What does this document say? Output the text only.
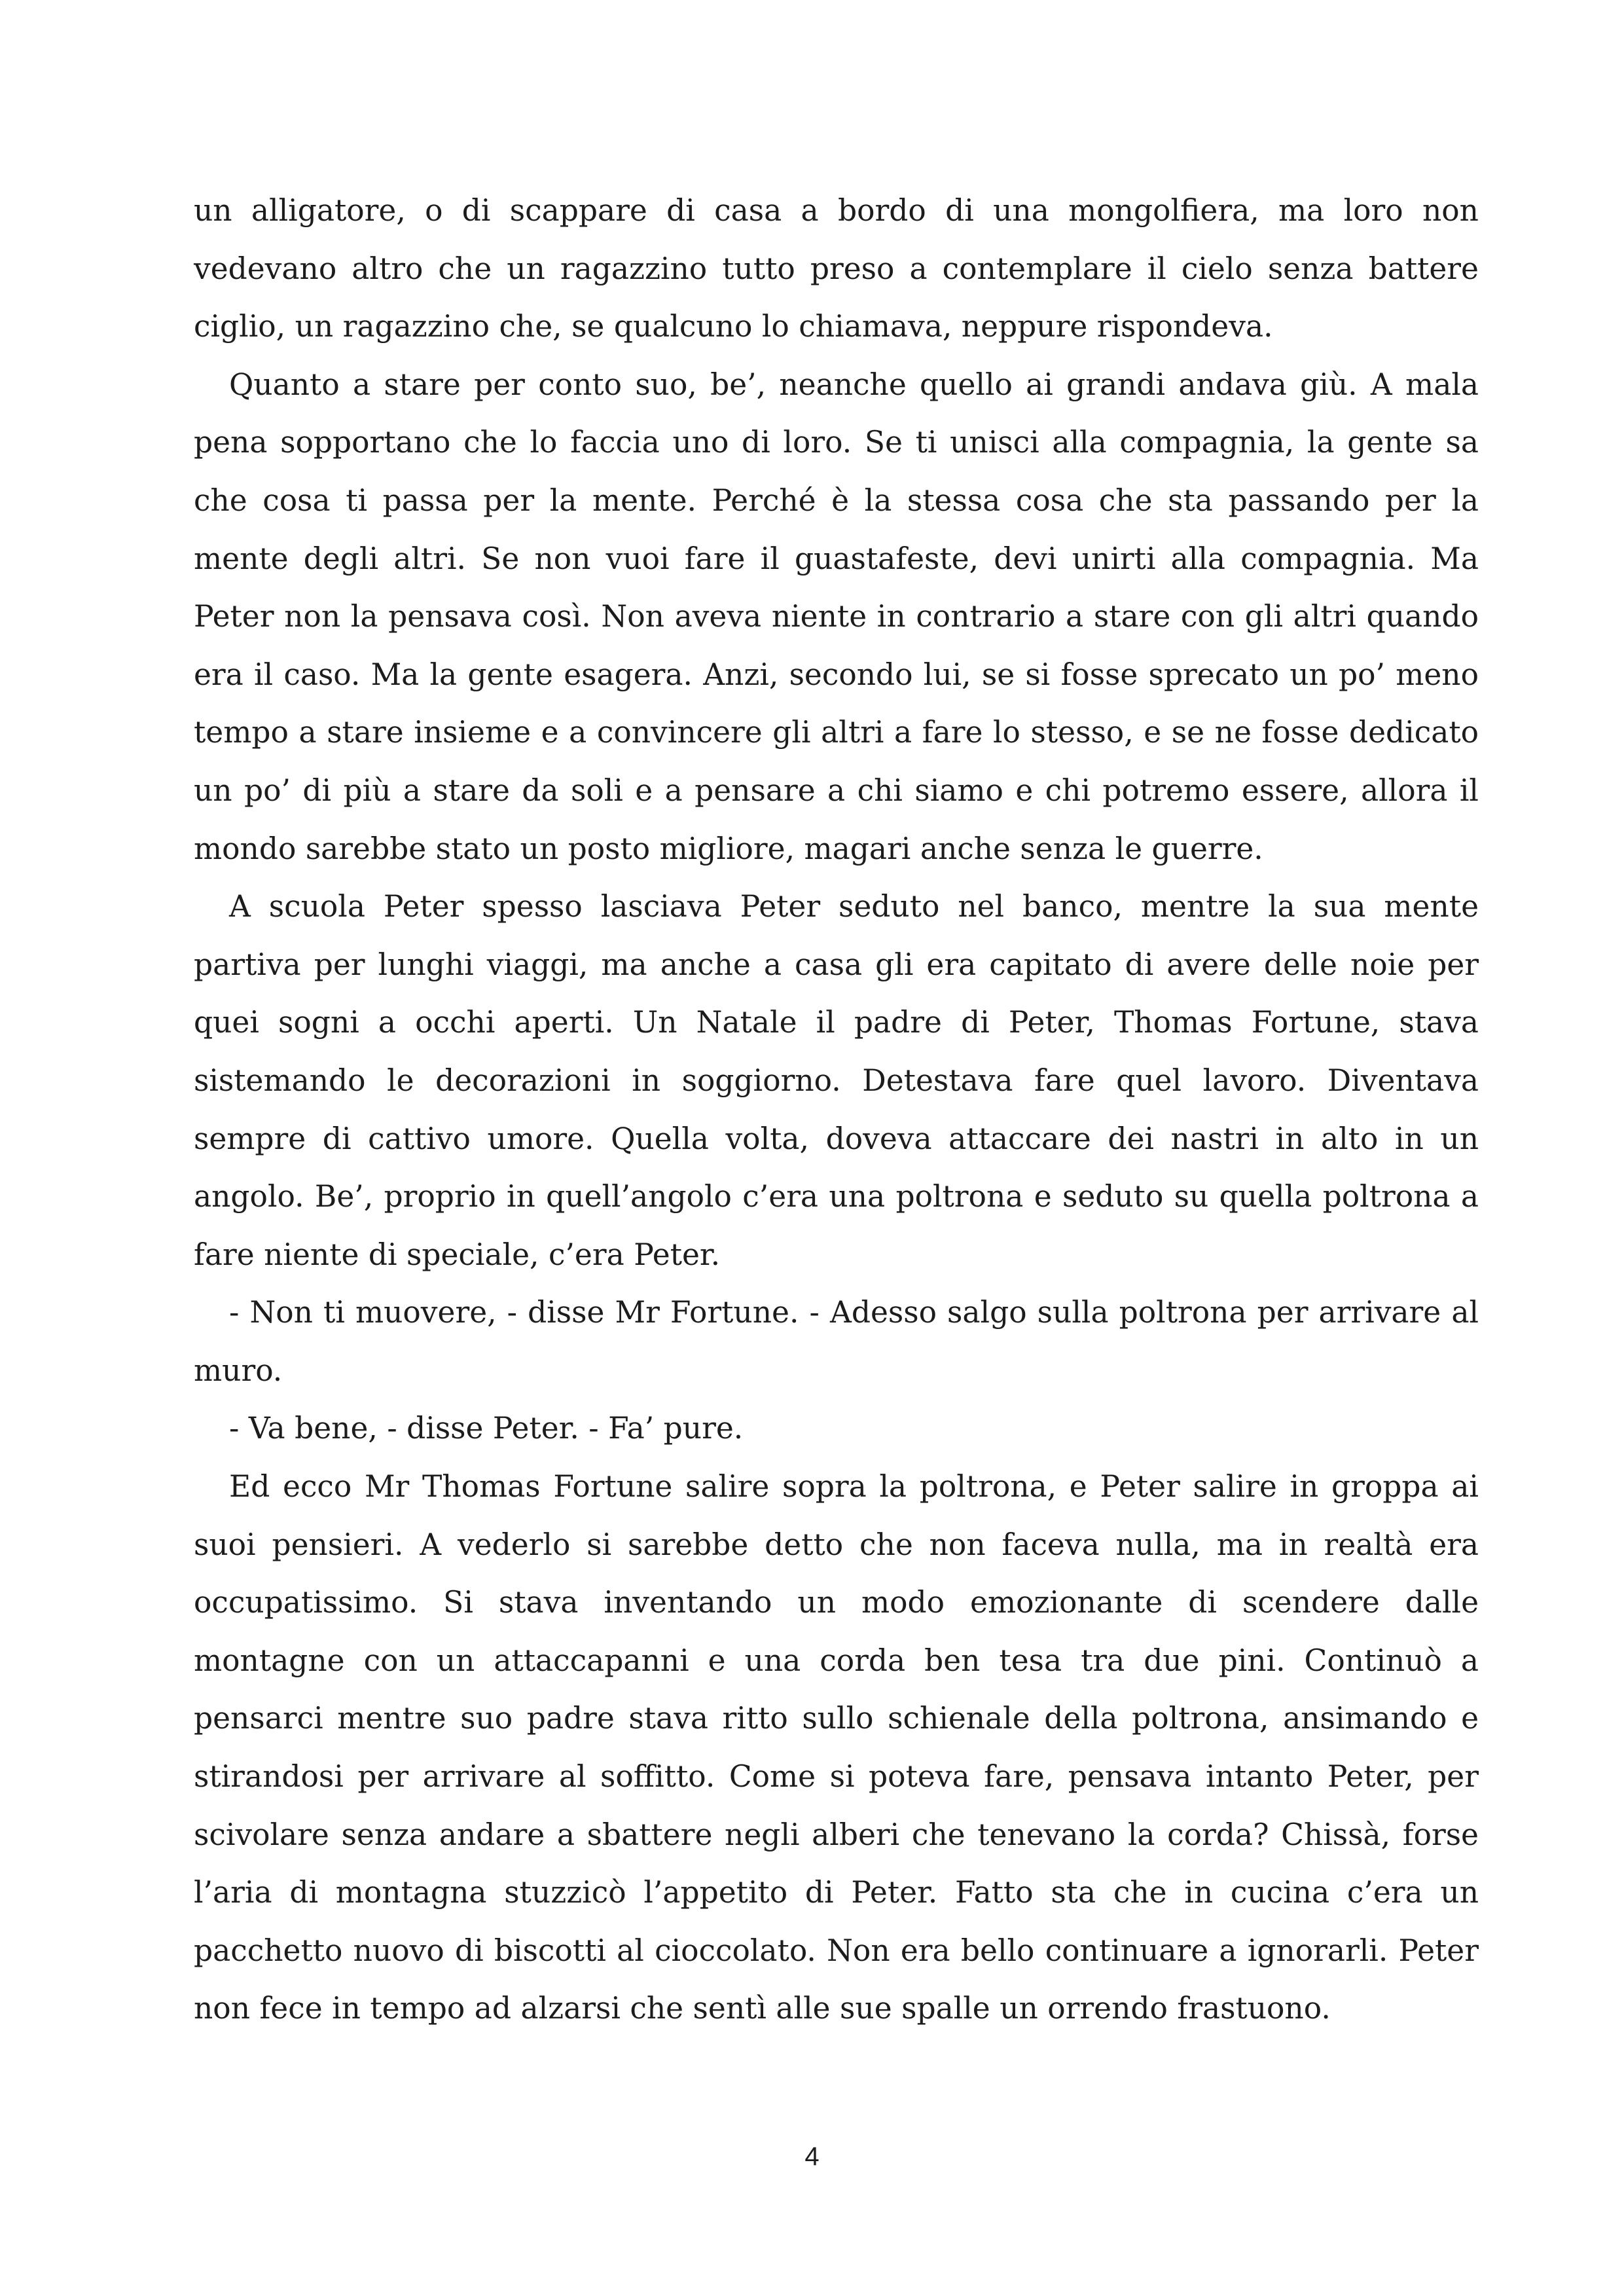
un alligatore, o di scappare di casa a bordo di una mongolfiera, ma loro non vedevano altro che un ragazzino tutto preso a contemplare il cielo senza battere ciglio, un ragazzino che, se qualcuno lo chiamava, neppure rispondeva.

Quanto a stare per conto suo, be’, neanche quello ai grandi andava giù. A mala pena sopportano che lo faccia uno di loro. Se ti unisci alla compagnia, la gente sa che cosa ti passa per la mente. Perché è la stessa cosa che sta passando per la mente degli altri. Se non vuoi fare il guastafeste, devi unirti alla compagnia. Ma Peter non la pensava così. Non aveva niente in contrario a stare con gli altri quando era il caso. Ma la gente esagera. Anzi, secondo lui, se si fosse sprecato un po’ meno tempo a stare insieme e a convincere gli altri a fare lo stesso, e se ne fosse dedicato un po’ di più a stare da soli e a pensare a chi siamo e chi potremo essere, allora il mondo sarebbe stato un posto migliore, magari anche senza le guerre.

A scuola Peter spesso lasciava Peter seduto nel banco, mentre la sua mente partiva per lunghi viaggi, ma anche a casa gli era capitato di avere delle noie per quei sogni a occhi aperti. Un Natale il padre di Peter, Thomas Fortune, stava sistemando le decorazioni in soggiorno. Detestava fare quel lavoro. Diventava sempre di cattivo umore. Quella volta, doveva attaccare dei nastri in alto in un angolo. Be’, proprio in quell’angolo c’era una poltrona e seduto su quella poltrona a fare niente di speciale, c’era Peter.

- Non ti muovere, - disse Mr Fortune. - Adesso salgo sulla poltrona per arrivare al muro.

- Va bene, - disse Peter. - Fa’ pure.

Ed ecco Mr Thomas Fortune salire sopra la poltrona, e Peter salire in groppa ai suoi pensieri. A vederlo si sarebbe detto che non faceva nulla, ma in realtà era occupatissimo. Si stava inventando un modo emozionante di scendere dalle montagne con un attaccapanni e una corda ben tesa tra due pini. Continuò a pensarci mentre suo padre stava ritto sullo schienale della poltrona, ansimando e stirandosi per arrivare al soffitto. Come si poteva fare, pensava intanto Peter, per scivolare senza andare a sbattere negli alberi che tenevano la corda? Chissà, forse l’aria di montagna stuzzicò l’appetito di Peter. Fatto sta che in cucina c’era un pacchetto nuovo di biscotti al cioccolato. Non era bello continuare a ignorarli. Peter non fece in tempo ad alzarsi che sentì alle sue spalle un orrendo frastuono.

4
